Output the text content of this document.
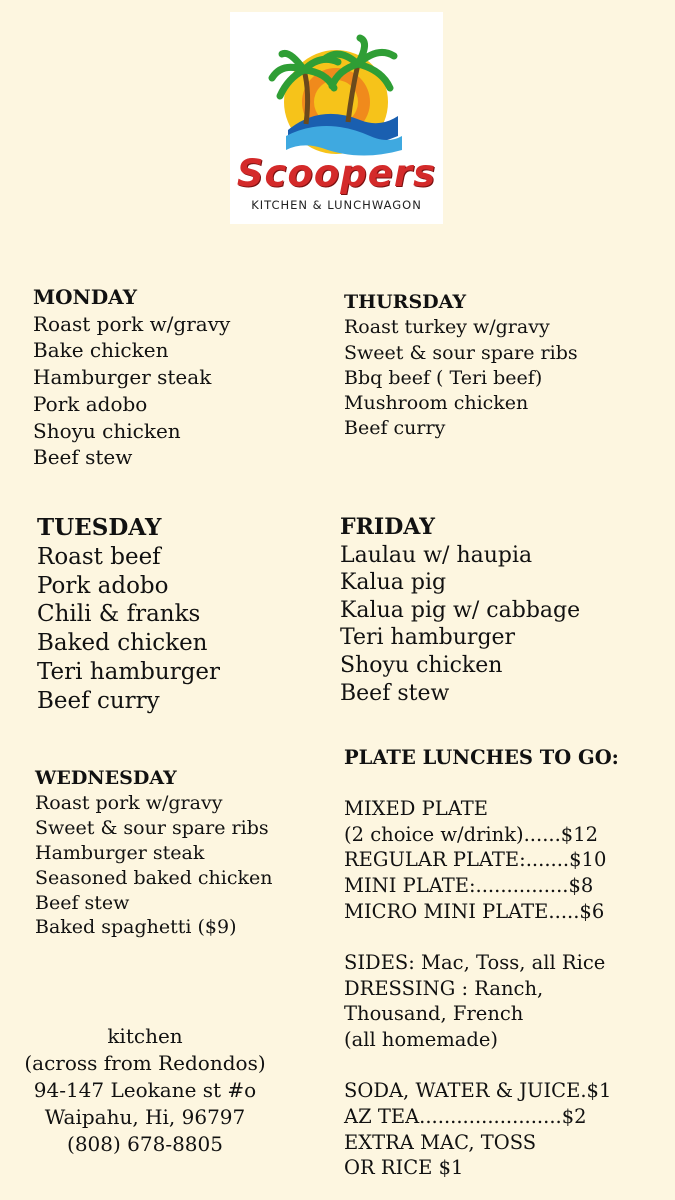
Scoopers
KITCHEN & LUNCHWAGON
MONDAY
Roast pork w/gravy
Bake chicken
Hamburger steak
Pork adobo
Shoyu chicken
Beef stew
THURSDAY
Roast turkey w/gravy
Sweet & sour spare ribs
Bbq beef ( Teri beef)
Mushroom chicken
Beef curry
TUESDAY
Roast beef
Pork adobo
Chili & franks
Baked chicken
Teri hamburger
Beef curry
FRIDAY
Laulau w/ haupia
Kalua pig
Kalua pig w/ cabbage
Teri hamburger
Shoyu chicken
Beef stew
WEDNESDAY
Roast pork w/gravy
Sweet & sour spare ribs
Hamburger steak
Seasoned baked chicken
Beef stew
Baked spaghetti ($9)
PLATE LUNCHES TO GO:
MIXED PLATE
(2 choice w/drink)......$12
REGULAR PLATE:.......$10
MINI PLATE:...............$8
MICRO MINI PLATE.....$6
SIDES: Mac, Toss, all Rice
DRESSING : Ranch,
Thousand, French
(all homemade)
SODA, WATER & JUICE.$1
AZ TEA.......................$2
EXTRA MAC, TOSS
OR RICE $1
kitchen
(across from Redondos)
94-147 Leokane st #o
Waipahu, Hi, 96797
(808) 678-8805
